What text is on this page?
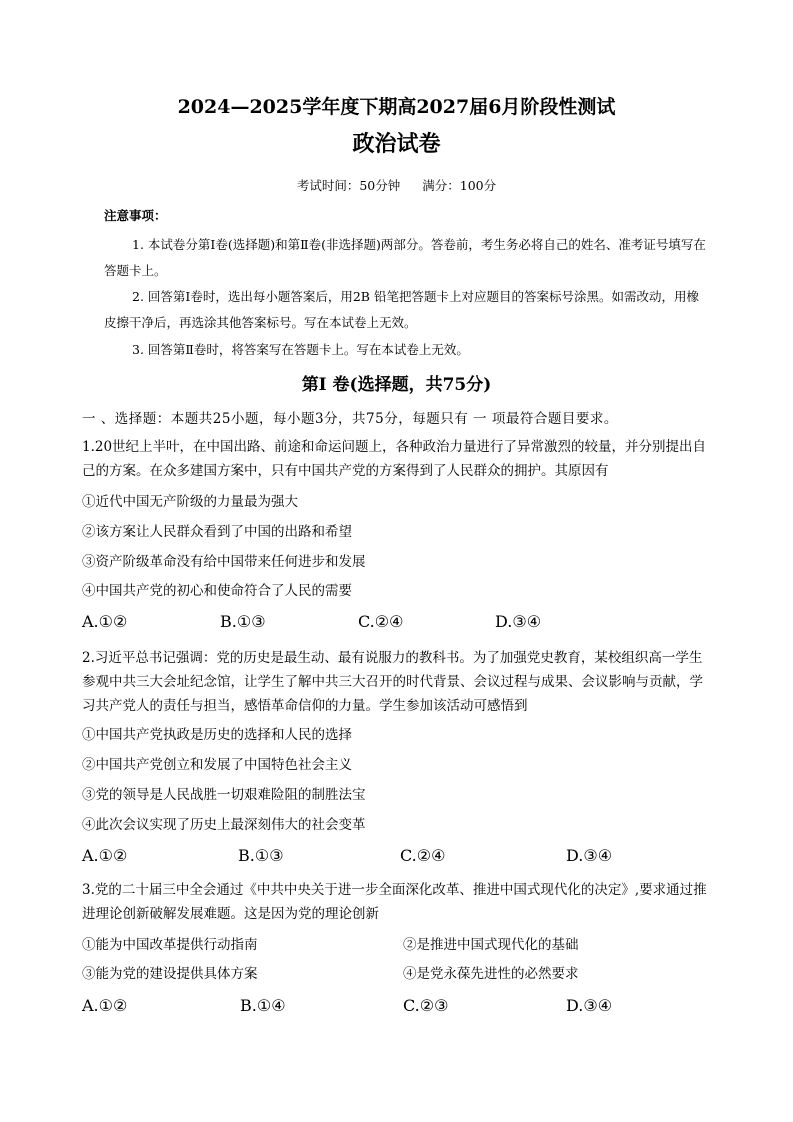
2024—2025学年度下期高2027届6月阶段性测试
政治试卷
考试时间：50分钟 满分：100分
注意事项：

1. 本试卷分第Ⅰ卷(选择题)和第Ⅱ卷(非选择题)两部分。答卷前，考生务必将自己的姓名、准考证号填写在答题卡上。

2. 回答第Ⅰ卷时，选出每小题答案后，用2B 铅笔把答题卡上对应题目的答案标号涂黑。如需改动，用橡皮擦干净后，再选涂其他答案标号。写在本试卷上无效。

3. 回答第Ⅱ卷时，将答案写在答题卡上。写在本试卷上无效。

第Ⅰ 卷(选择题，共75分)
一 、选择题：本题共25小题，每小题3分，共75分，每题只有 一 项最符合题目要求。
1.20世纪上半叶，在中国出路、前途和命运问题上，各种政治力量进行了异常激烈的较量，并分别提出自己的方案。在众多建国方案中，只有中国共产党的方案得到了人民群众的拥护。其原因有
①近代中国无产阶级的力量最为强大
②该方案让人民群众看到了中国的出路和希望
③资产阶级革命没有给中国带来任何进步和发展
④中国共产党的初心和使命符合了人民的需要
A.①②	B.①③	C.②④	D.③④
2.习近平总书记强调：党的历史是最生动、最有说服力的教科书。为了加强党史教育，某校组织高一学生参观中共三大会址纪念馆，让学生了解中共三大召开的时代背景、会议过程与成果、会议影响与贡献，学习共产党人的责任与担当，感悟革命信仰的力量。学生参加该活动可感悟到
①中国共产党执政是历史的选择和人民的选择
②中国共产党创立和发展了中国特色社会主义
③党的领导是人民战胜一切艰难险阻的制胜法宝
④此次会议实现了历史上最深刻伟大的社会变革
A.①②	B.①③	C.②④	D.③④
3.党的二十届三中全会通过《中共中央关于进一步全面深化改革、推进中国式现代化的决定》,要求通过推进理论创新破解发展难题。这是因为党的理论创新
①能为中国改革提供行动指南	②是推进中国式现代化的基础
③能为党的建设提供具体方案	④是党永葆先进性的必然要求
A.①②	B.①④	C.②③	D.③④
